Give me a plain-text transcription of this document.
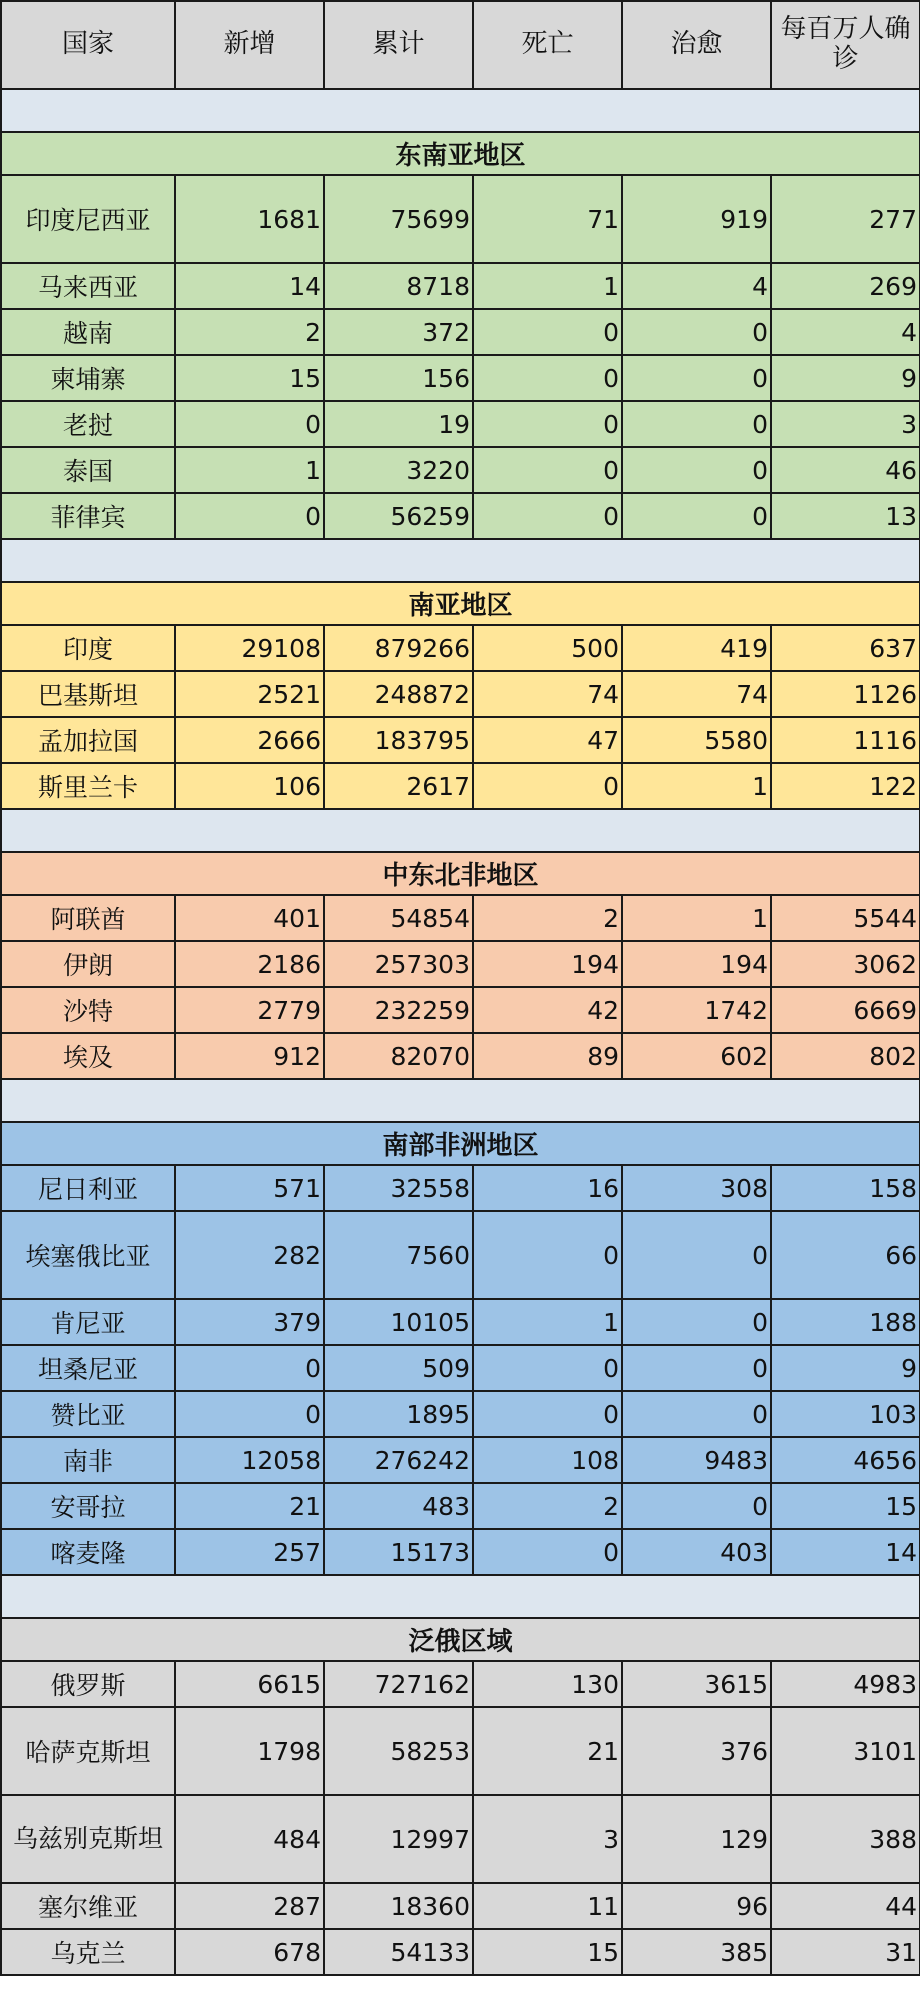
国家	新增	累计	死亡	治愈	每百万人确诊

东南亚地区					
印度尼西亚	1681	75699	71	919	277
马来西亚	14	8718	1	4	269
越南	2	372	0	0	4
柬埔寨	15	156	0	0	9
老挝	0	19	0	0	3
泰国	1	3220	0	0	46
菲律宾	0	56259	0	0	13

南亚地区					
印度	29108	879266	500	419	637
巴基斯坦	2521	248872	74	74	1126
孟加拉国	2666	183795	47	5580	1116
斯里兰卡	106	2617	0	1	122

中东北非地区					
阿联酋	401	54854	2	1	5544
伊朗	2186	257303	194	194	3062
沙特	2779	232259	42	1742	6669
埃及	912	82070	89	602	802

南部非洲地区					
尼日利亚	571	32558	16	308	158
埃塞俄比亚	282	7560	0	0	66
肯尼亚	379	10105	1	0	188
坦桑尼亚	0	509	0	0	9
赞比亚	0	1895	0	0	103
南非	12058	276242	108	9483	4656
安哥拉	21	483	2	0	15
喀麦隆	257	15173	0	403	14

泛俄区域					
俄罗斯	6615	727162	130	3615	4983
哈萨克斯坦	1798	58253	21	376	3101
乌兹别克斯坦	484	12997	3	129	388
塞尔维亚	287	18360	11	96	44
乌克兰	678	54133	15	385	31
